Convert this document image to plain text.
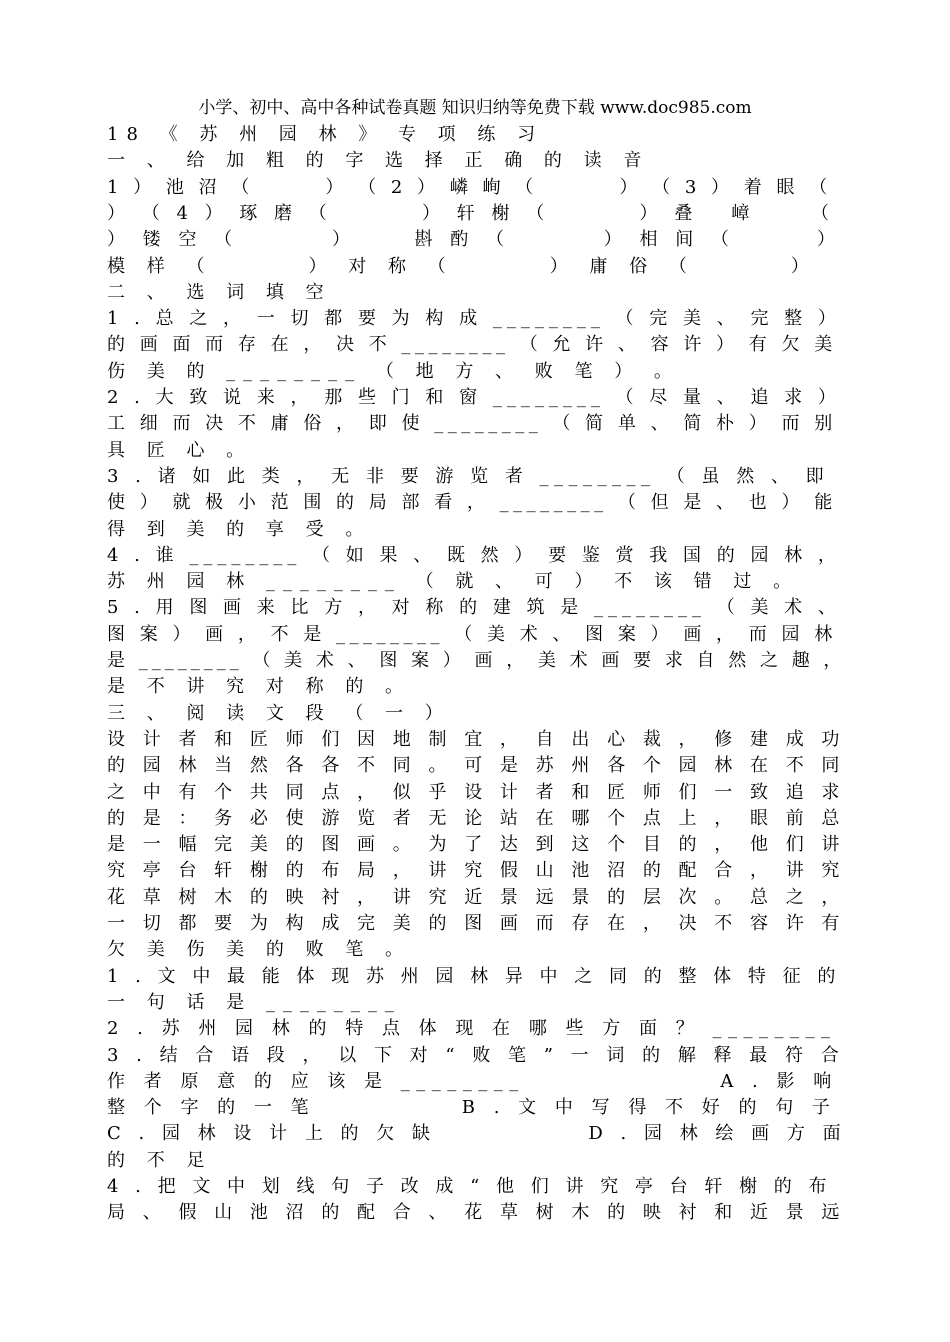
小学、初中、高中各种试卷真题 知识归纳等免费下载 www.doc985.com
18 《 苏 州 园 林 》 专 项 练 习
一 、 给 加 粗 的 字 选 择 正 确 的 读 音
1 ） 池 沼 （       ） （ 2 ） 嶙 峋 （        ） （ 3 ） 着 眼 （
） （ 4 ） 琢 磨 （        ） 轩 榭 （        ） 叠   嶂     （
） 镂 空 （        ）     斟 酌 （        ） 相 间 （       ）
模 样 （       ） 对 称 （       ） 庸 俗 （       ）
二 、 选 词 填 空
1 . 总 之 ， 一 切 都 要 为 构 成 ________ （ 完 美 、 完 整 ）
的 画 面 而 存 在 ， 决 不 ________ （ 允 许 、 容 许 ） 有 欠 美
伤 美 的 ________ （ 地 方 、 败 笔 ） 。
2 . 大 致 说 来 ， 那 些 门 和 窗 ________ （ 尽 量 、 追 求 ）
工 细 而 决 不 庸 俗 ， 即 使 ________ （ 简 单 、 简 朴 ） 而 别
具 匠 心 。
3 . 诸 如 此 类 ， 无 非 要 游 览 者 ________ （ 虽 然 、 即
使 ） 就 极 小 范 围 的 局 部 看 ， ________ （ 但 是 、 也 ） 能
得 到 美 的 享 受 。
4 . 谁 ________ （ 如 果 、 既 然 ） 要 鉴 赏 我 国 的 园 林 ，
苏 州 园 林 ________ （ 就 、 可 ） 不 该 错 过 。
5 . 用 图 画 来 比 方 ， 对 称 的 建 筑 是 ________ （ 美 术 、
图 案 ） 画 ， 不 是 ________ （ 美 术 、 图 案 ） 画 ， 而 园 林
是 ________ （ 美 术 、 图 案 ） 画 ， 美 术 画 要 求 自 然 之 趣 ，
是 不 讲 究 对 称 的 。
三 、 阅 读 文 段 （ 一 ）
设 计 者 和 匠 师 们 因 地 制 宜 ， 自 出 心 裁 ， 修 建 成 功
的 园 林 当 然 各 各 不 同 。 可 是 苏 州 各 个 园 林 在 不 同
之 中 有 个 共 同 点 ， 似 乎 设 计 者 和 匠 师 们 一 致 追 求
的 是 ： 务 必 使 游 览 者 无 论 站 在 哪 个 点 上 ， 眼 前 总
是 一 幅 完 美 的 图 画 。 为 了 达 到 这 个 目 的 ， 他 们 讲
究 亭 台 轩 榭 的 布 局 ， 讲 究 假 山 池 沼 的 配 合 ， 讲 究
花 草 树 木 的 映 衬 ， 讲 究 近 景 远 景 的 层 次 。 总 之 ，
一 切 都 要 为 构 成 完 美 的 图 画 而 存 在 ， 决 不 容 许 有
欠 美 伤 美 的 败 笔 。
1 . 文 中 最 能 体 现 苏 州 园 林 异 中 之 同 的 整 体 特 征 的
一 句 话 是 ________
2 . 苏 州 园 林 的 特 点 体 现 在 哪 些 方 面 ？ ________
3 . 结 合 语 段 ， 以 下 对 “ 败 笔 ” 一 词 的 解 释 最 符 合
作 者 原 意 的 应 该 是 ________                A . 影 响
整 个 字 的 一 笔            B . 文 中 写 得 不 好 的 句 子
C . 园 林 设 计 上 的 欠 缺             D . 园 林 绘 画 方 面
的 不 足
4 . 把 文 中 划 线 句 子 改 成 “ 他 们 讲 究 亭 台 轩 榭 的 布
局 、 假 山 池 沼 的 配 合 、 花 草 树 木 的 映 衬 和 近 景 远
